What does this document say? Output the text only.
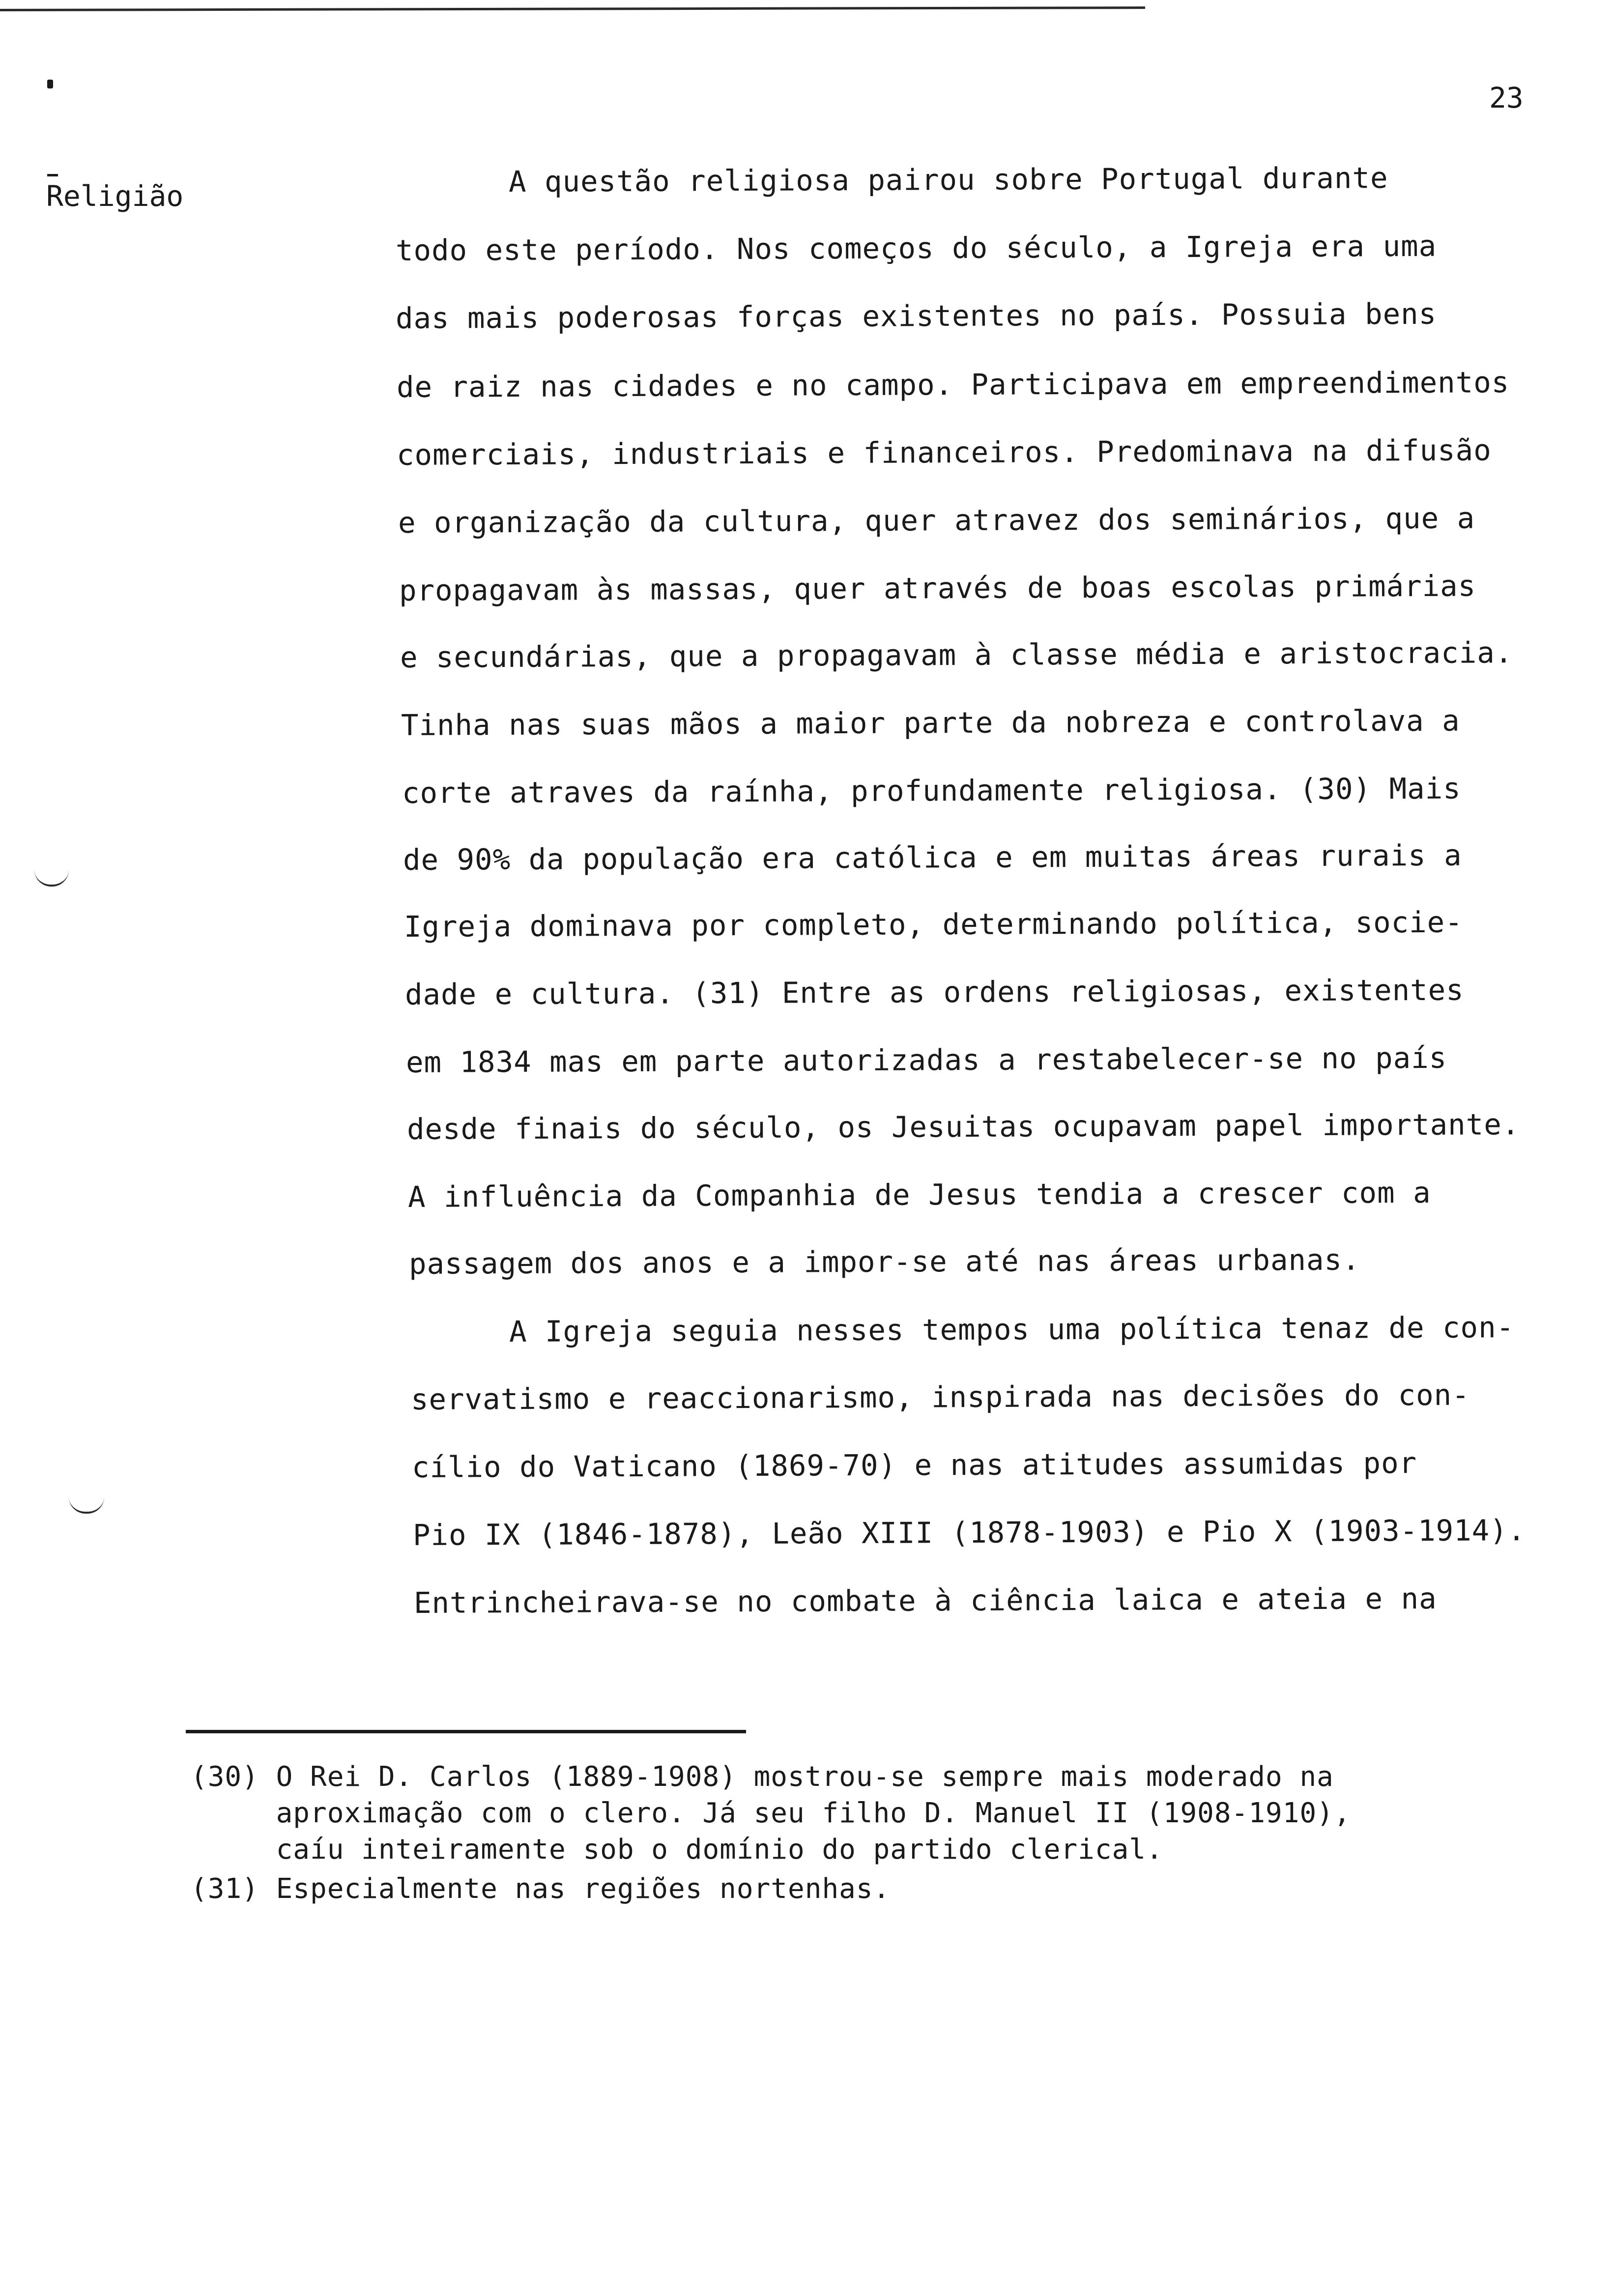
23
Religião	A questão religiosa pairou sobre Portugal durante
todo este período. Nos começos do século, a Igreja era uma
das mais poderosas forças existentes no país. Possuia bens
de raiz nas cidades e no campo. Participava em empreendimentos
comerciais, industriais e financeiros. Predominava na difusão
e organização da cultura, quer atravez dos seminários, que a
propagavam às massas, quer através de boas escolas primárias
e secundárias, que a propagavam à classe média e aristocracia.
Tinha nas suas mãos a maior parte da nobreza e controlava a
corte atraves da raínha, profundamente religiosa. (30) Mais
de 90% da população era católica e em muitas áreas rurais a
Igreja dominava por completo, determinando política, socie-
dade e cultura. (31) Entre as ordens religiosas, existentes
em 1834 mas em parte autorizadas a restabelecer-se no país
desde finais do século, os Jesuitas ocupavam papel importante.
A influência da Companhia de Jesus tendia a crescer com a
passagem dos anos e a impor-se até nas áreas urbanas.
A Igreja seguia nesses tempos uma política tenaz de con-
servatismo e reaccionarismo, inspirada nas decisões do con-
cílio do Vaticano (1869-70) e nas atitudes assumidas por
Pio IX (1846-1878), Leão XIII (1878-1903) e Pio X (1903-1914).
Entrincheirava-se no combate à ciência laica e ateia e na
(30) O Rei D. Carlos (1889-1908) mostrou-se sempre mais moderado na
aproximação com o clero. Já seu filho D. Manuel II (1908-1910),
caíu inteiramente sob o domínio do partido clerical.
(31) Especialmente nas regiões nortenhas.
